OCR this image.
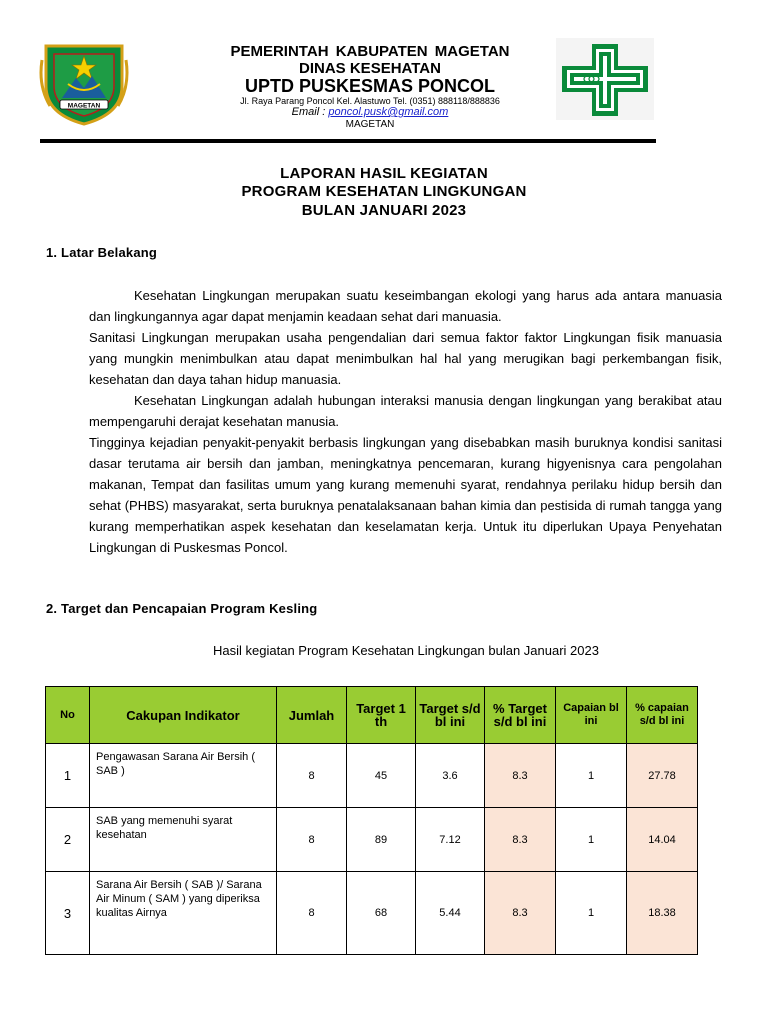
MAGETAN
PEMERINTAH KABUPATEN MAGETAN
DINAS KESEHATAN
UPTD PUSKESMAS PONCOL
Jl. Raya Parang Poncol Kel. Alastuwo Tel. (0351) 888118/888836
Email : poncol.pusk@gmail.com
MAGETAN
LAPORAN HASIL KEGIATAN
PROGRAM KESEHATAN LINGKUNGAN
BULAN JANUARI 2023
1. Latar Belakang

Kesehatan Lingkungan merupakan suatu keseimbangan ekologi yang harus ada antara manuasia dan lingkungannya agar dapat menjamin keadaan sehat dari manuasia.

Sanitasi Lingkungan merupakan usaha pengendalian dari semua faktor faktor Lingkungan fisik manuasia yang mungkin menimbulkan atau dapat menimbulkan hal hal yang merugikan bagi perkembangan fisik, kesehatan dan daya tahan hidup manuasia.

Kesehatan Lingkungan adalah hubungan interaksi manusia dengan lingkungan yang berakibat atau mempengaruhi derajat kesehatan manusia.

Tingginya kejadian penyakit-penyakit berbasis lingkungan yang disebabkan masih buruknya kondisi sanitasi dasar terutama air bersih dan jamban, meningkatnya pencemaran, kurang higyenisnya cara pengolahan makanan, Tempat dan fasilitas umum yang kurang memenuhi syarat, rendahnya perilaku hidup bersih dan sehat (PHBS) masyarakat, serta buruknya penatalaksanaan bahan kimia dan pestisida di rumah tangga yang kurang memperhatikan aspek kesehatan dan keselamatan kerja. Untuk itu diperlukan Upaya Penyehatan Lingkungan di Puskesmas Poncol.

2. Target dan Pencapaian Program Kesling
Hasil kegiatan Program Kesehatan Lingkungan bulan Januari 2023
No	Cakupan Indikator	Jumlah	Target 1 th	Target s/d bl ini	% Target s/d bl ini	Capaian bl ini	% capaian s/d bl ini
1	Pengawasan Sarana Air Bersih ( SAB )	8	45	3.6	8.3	1	27.78
2	SAB yang memenuhi syarat kesehatan	8	89	7.12	8.3	1	14.04
3	Sarana Air Bersih ( SAB )/ Sarana Air Minum ( SAM ) yang diperiksa kualitas Airnya	8	68	5.44	8.3	1	18.38
